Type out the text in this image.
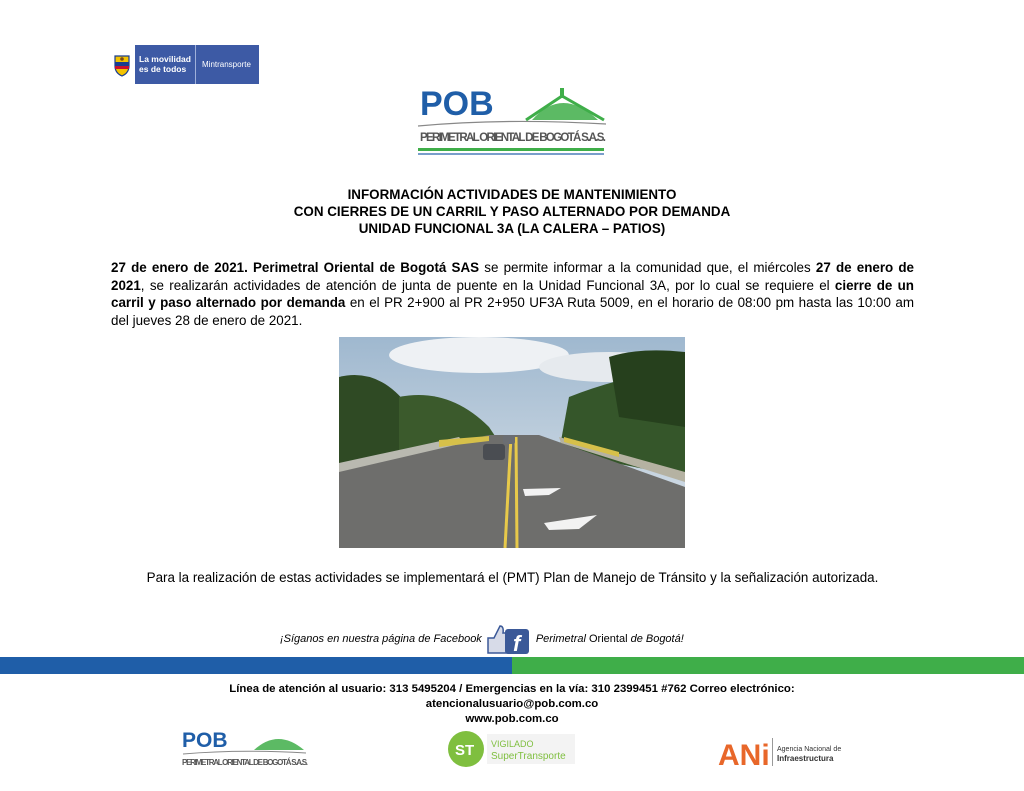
La movilidad
es de todos	Mintransporte
POB
PERIMETRAL ORIENTAL DE BOGOTÁ S.A.S.
INFORMACIÓN ACTIVIDADES DE MANTENIMIENTO
CON CIERRES DE UN CARRIL Y PASO ALTERNADO POR DEMANDA
UNIDAD FUNCIONAL 3A (LA CALERA – PATIOS)
27 de enero de 2021. Perimetral Oriental de Bogotá SAS se permite informar a la comunidad que, el miércoles 27 de enero de 2021, se realizarán actividades de atención de junta de puente en la Unidad Funcional 3A, por lo cual se requiere el cierre de un carril y paso alternado por demanda en el PR 2+900 al PR 2+950 UF3A Ruta 5009, en el horario de 08:00 pm hasta las 10:00 am del jueves 28 de enero de 2021.
Para la realización de estas actividades se implementará el (PMT) Plan de Manejo de Tránsito y la señalización autorizada.
¡Síganos en nuestra página de Facebook f Perimetral Oriental de Bogotá!
Línea de atención al usuario: 313 5495204 / Emergencias en la vía: 310 2399451 #762 Correo electrónico:
atencionalusuario@pob.com.co
www.pob.com.co
POB
PERIMETRAL ORIENTAL DE BOGOTÁ S.A.S.
ST VIGILADO
SuperTransporte	ANi Agencia Nacional de
Infraestructura
